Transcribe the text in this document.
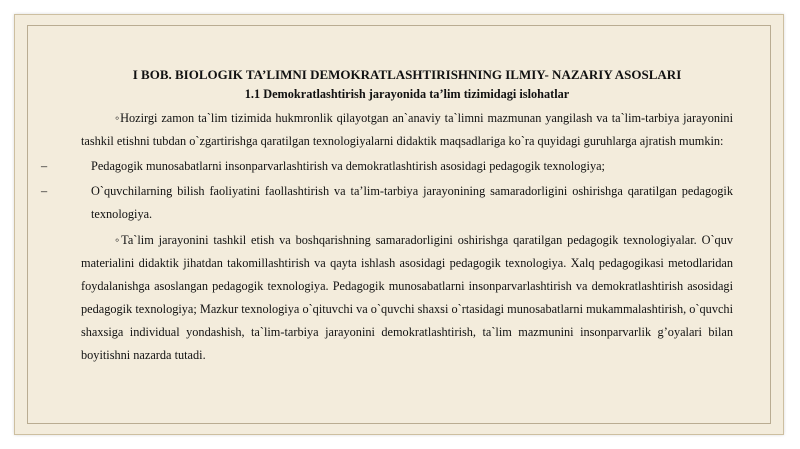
I BOB. BIOLOGIK TA’LIMNI DEMOKRATLASHTIRISHNING ILMIY- NAZARIY ASOSLARI

1.1 Demokratlashtirish jarayonida ta’lim tizimidagi islohatlar

◦Hozirgi zamon ta`lim tizimida hukmronlik qilayotgan an`anaviy ta`limni mazmunan yangilash va ta`lim-tarbiya jarayonini tashkil etishni tubdan o`zgartirishga qaratilgan texnologiyalarni didaktik maqsadlariga ko`ra quyidagi guruhlarga ajratish mumkin:

–	Pedagogik munosabatlarni insonparvarlashtirish va demokratlashtirish asosidagi pedagogik texnologiya;

–	O`quvchilarning bilish faoliyatini faollashtirish va ta’lim-tarbiya jarayonining samaradorligini oshirishga qaratilgan pedagogik texnologiya.

◦Ta`lim jarayonini tashkil etish va boshqarishning samaradorligini oshirishga qaratilgan pedagogik texnologiyalar. O`quv materialini didaktik jihatdan takomillashtirish va qayta ishlash asosidagi pedagogik texnologiya. Xalq pedagogikasi metodlaridan foydalanishga asoslangan pedagogik texnologiya. Pedagogik munosabatlarni insonparvarlashtirish va demokratlashtirish asosidagi pedagogik texnologiya; Mazkur texnologiya o`qituvchi va o`quvchi shaxsi o`rtasidagi munosabatlarni mukammalashtirish, o`quvchi shaxsiga individual yondashish, ta`lim-tarbiya jarayonini demokratlashtirish, ta`lim mazmunini insonparvarlik g’oyalari bilan boyitishni nazarda tutadi.
